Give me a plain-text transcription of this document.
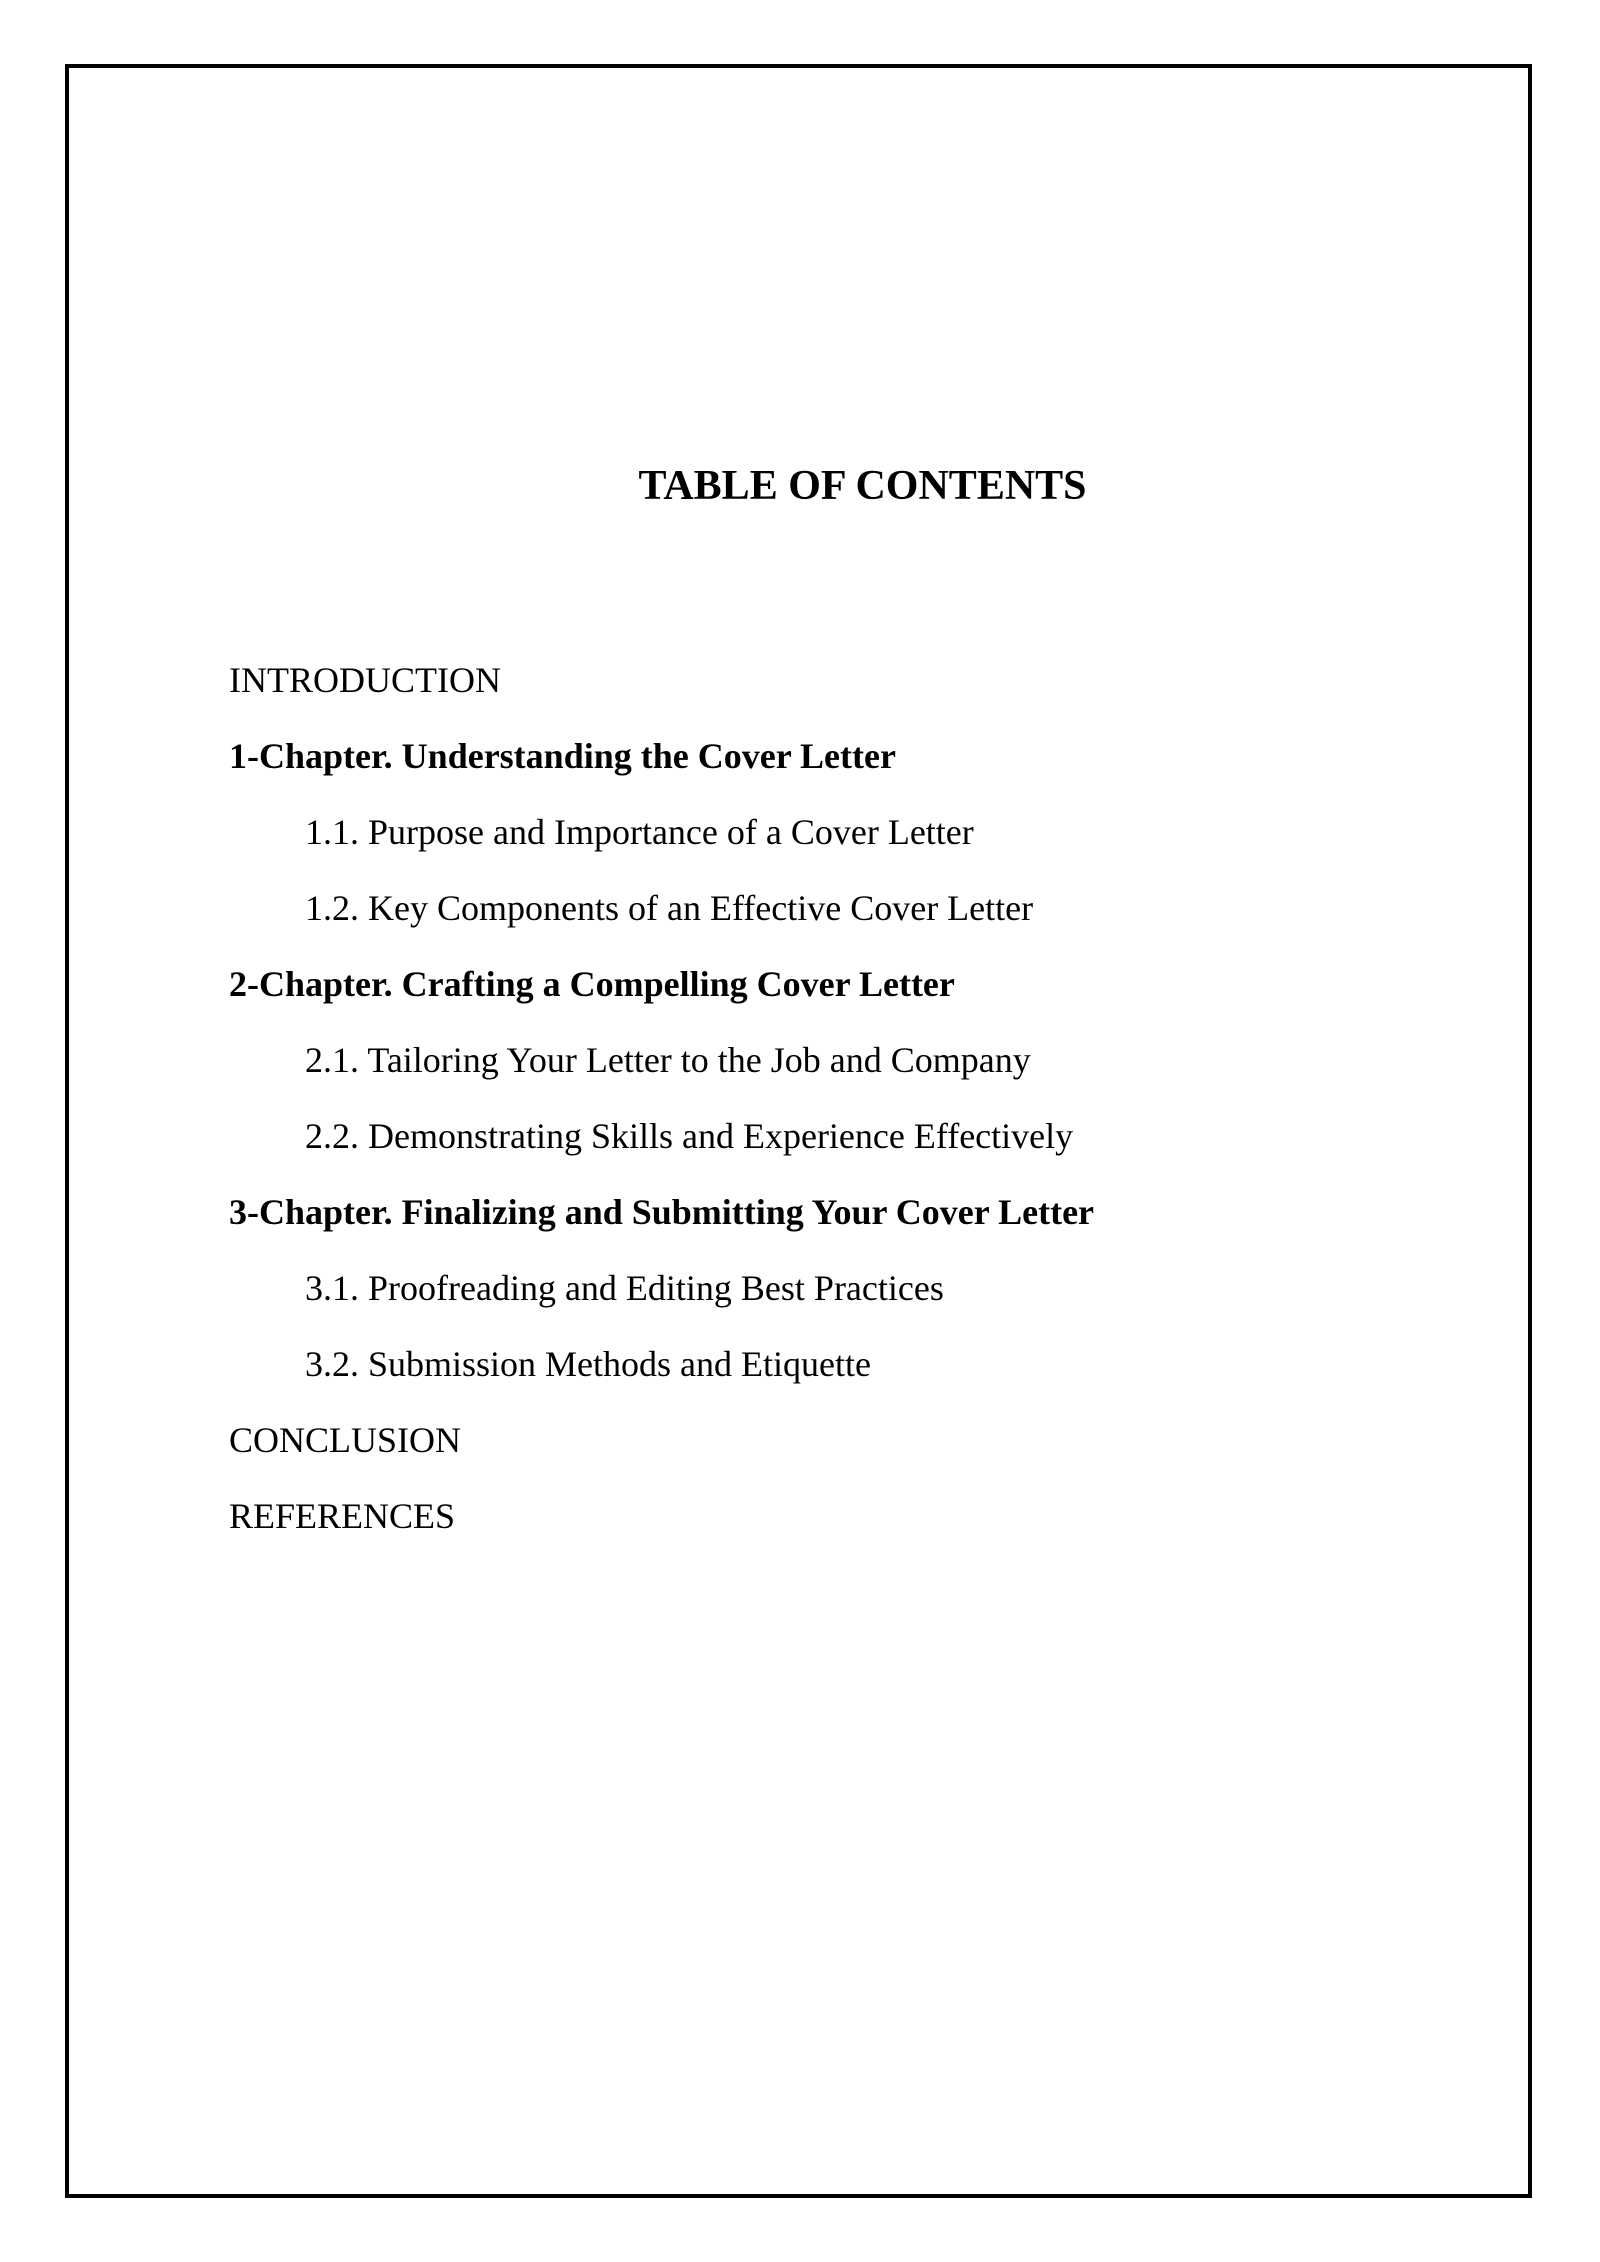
TABLE OF CONTENTS
INTRODUCTION
1-Chapter. Understanding the Cover Letter
1.1. Purpose and Importance of a Cover Letter
1.2. Key Components of an Effective Cover Letter
2-Chapter. Crafting a Compelling Cover Letter
2.1. Tailoring Your Letter to the Job and Company
2.2. Demonstrating Skills and Experience Effectively
3-Chapter. Finalizing and Submitting Your Cover Letter
3.1. Proofreading and Editing Best Practices
3.2. Submission Methods and Etiquette
CONCLUSION
REFERENCES
